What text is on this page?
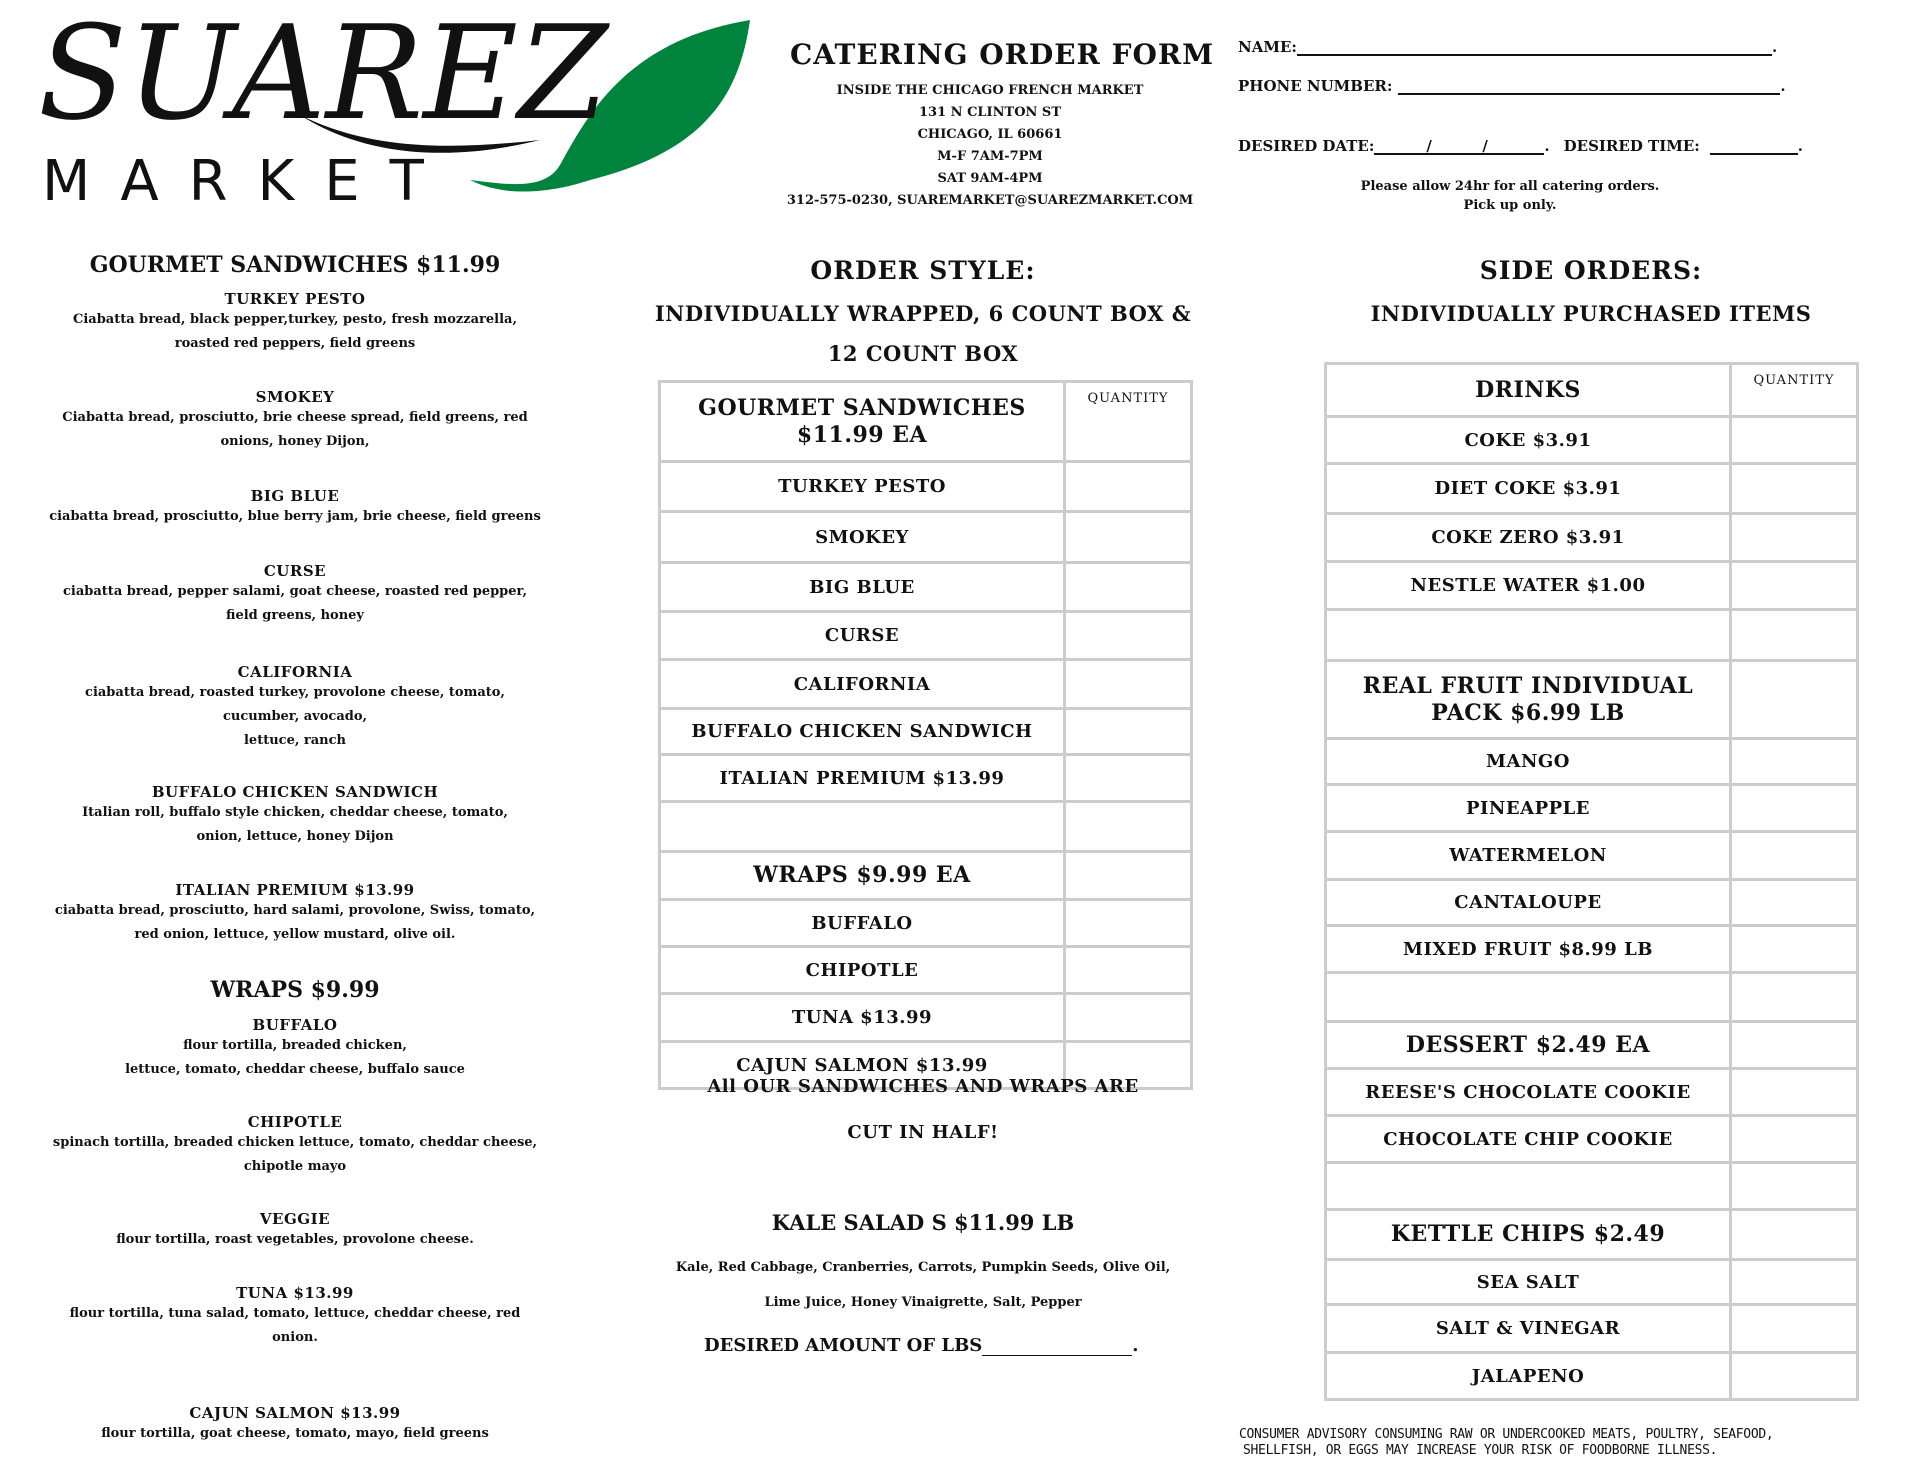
SUAREZ
MARKET
CATERING ORDER FORM
INSIDE THE CHICAGO FRENCH MARKET
131 N CLINTON ST
CHICAGO, IL 60661
M-F 7AM-7PM
SAT 9AM-4PM
312-575-0230, SUAREMARKET@SUAREZMARKET.COM
NAME:	.
PHONE NUMBER:	.
DESIRED DATE:	/	/	. DESIRED TIME:	.
Please allow 24hr for all catering orders.
Pick up only.
GOURMET SANDWICHES $11.99
WRAPS $9.99
TURKEY PESTO
Ciabatta bread, black pepper,turkey, pesto, fresh mozzarella,
roasted red peppers, field greens
SMOKEY
Ciabatta bread, prosciutto, brie cheese spread, field greens, red
onions, honey Dijon,
BIG BLUE
ciabatta bread, prosciutto, blue berry jam, brie cheese, field greens
CURSE
ciabatta bread, pepper salami, goat cheese, roasted red pepper,
field greens, honey
CALIFORNIA
ciabatta bread, roasted turkey, provolone cheese, tomato,
cucumber, avocado,
lettuce, ranch
BUFFALO CHICKEN SANDWICH
Italian roll, buffalo style chicken, cheddar cheese, tomato,
onion, lettuce, honey Dijon
ITALIAN PREMIUM $13.99
ciabatta bread, prosciutto, hard salami, provolone, Swiss, tomato,
red onion, lettuce, yellow mustard, olive oil.
BUFFALO
flour tortilla, breaded chicken,
lettuce, tomato, cheddar cheese, buffalo sauce
CHIPOTLE
spinach tortilla, breaded chicken lettuce, tomato, cheddar cheese,
chipotle mayo
VEGGIE
flour tortilla, roast vegetables, provolone cheese.
TUNA $13.99
flour tortilla, tuna salad, tomato, lettuce, cheddar cheese, red
onion.
CAJUN SALMON $13.99
flour tortilla, goat cheese, tomato, mayo, field greens
ORDER STYLE:
INDIVIDUALLY WRAPPED, 6 COUNT BOX &
12 COUNT BOX
GOURMET SANDWICHES $11.99 EA	QUANTITY
TURKEY PESTO	
SMOKEY	
BIG BLUE	
CURSE	
CALIFORNIA	
BUFFALO CHICKEN SANDWICH	
ITALIAN PREMIUM $13.99	

WRAPS $9.99 EA	
BUFFALO	
CHIPOTLE	
TUNA $13.99	
CAJUN SALMON $13.99	
All OUR SANDWICHES AND WRAPS ARE
CUT IN HALF!
KALE SALAD S $11.99 LB
Kale, Red Cabbage, Cranberries, Carrots, Pumpkin Seeds, Olive Oil,
Lime Juice, Honey Vinaigrette, Salt, Pepper
DESIRED AMOUNT OF LBS	.
SIDE ORDERS:
INDIVIDUALLY PURCHASED ITEMS
DRINKS	QUANTITY
COKE $3.91	
DIET COKE $3.91	
COKE ZERO $3.91	
NESTLE WATER $1.00	

REAL FRUIT INDIVIDUAL PACK $6.99 LB	
MANGO	
PINEAPPLE	
WATERMELON	
CANTALOUPE	
MIXED FRUIT $8.99 LB	

DESSERT $2.49 EA	
REESE'S CHOCOLATE COOKIE	
CHOCOLATE CHIP COOKIE	

KETTLE CHIPS $2.49	
SEA SALT	
SALT & VINEGAR	
JALAPENO	
CONSUMER ADVISORY CONSUMING RAW OR UNDERCOOKED MEATS, POULTRY, SEAFOOD,
SHELLFISH, OR EGGS MAY INCREASE YOUR RISK OF FOODBORNE ILLNESS.
